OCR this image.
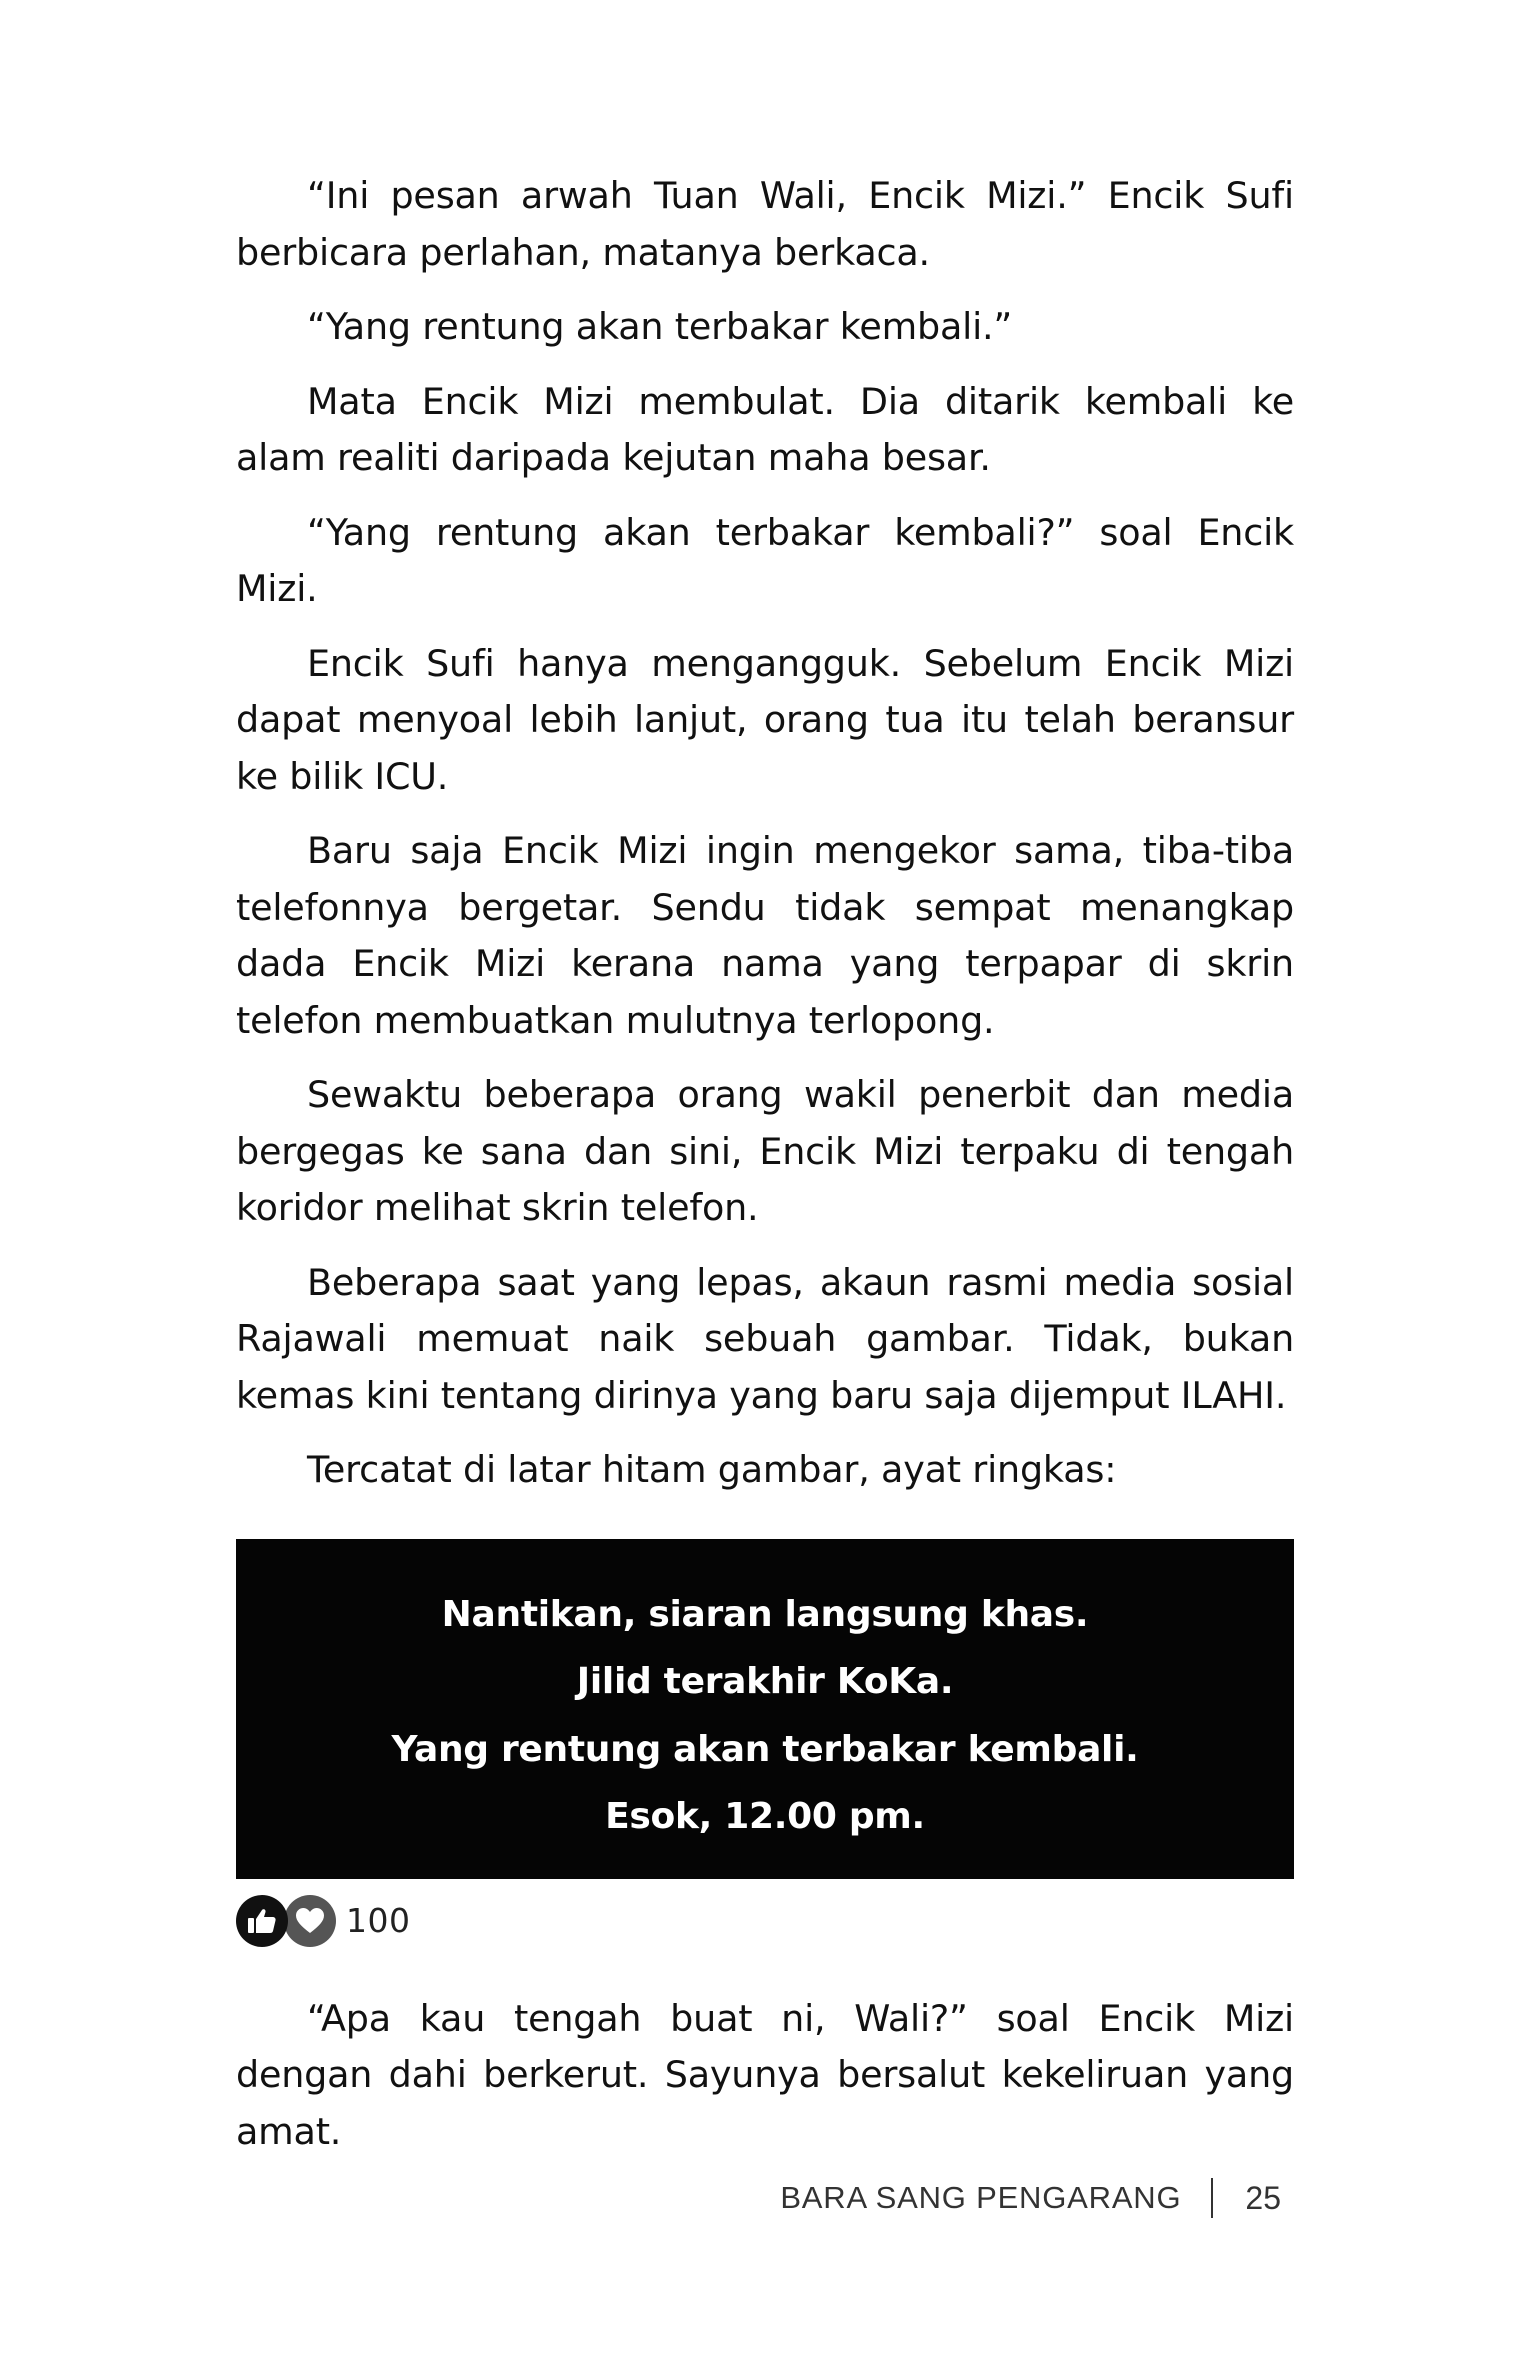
“Ini pesan arwah Tuan Wali, Encik Mizi.” Encik Sufi berbicara perlahan, matanya berkaca.

“Yang rentung akan terbakar kembali.”

Mata Encik Mizi membulat. Dia ditarik kembali ke alam realiti daripada kejutan maha besar.

“Yang rentung akan terbakar kembali?” soal Encik Mizi.

Encik Sufi hanya mengangguk. Sebelum Encik Mizi dapat menyoal lebih lanjut, orang tua itu telah beransur ke bilik ICU.

Baru saja Encik Mizi ingin mengekor sama, tiba-tiba telefonnya bergetar. Sendu tidak sempat menangkap dada Encik Mizi kerana nama yang terpapar di skrin telefon membuatkan mulutnya terlopong.

Sewaktu beberapa orang wakil penerbit dan media bergegas ke sana dan sini, Encik Mizi terpaku di tengah koridor melihat skrin telefon.

Beberapa saat yang lepas, akaun rasmi media sosial Rajawali memuat naik sebuah gambar. Tidak, bukan kemas kini tentang dirinya yang baru saja dijemput ILAHI.

Tercatat di latar hitam gambar, ayat ringkas:

Nantikan, siaran langsung khas.
Jilid terakhir KoKa.
Yang rentung akan terbakar kembali.
Esok, 12.00 pm.
100

“Apa kau tengah buat ni, Wali?” soal Encik Mizi dengan dahi berkerut. Sayunya bersalut kekeliruan yang amat.

BARA SANG PENGARANG 25
